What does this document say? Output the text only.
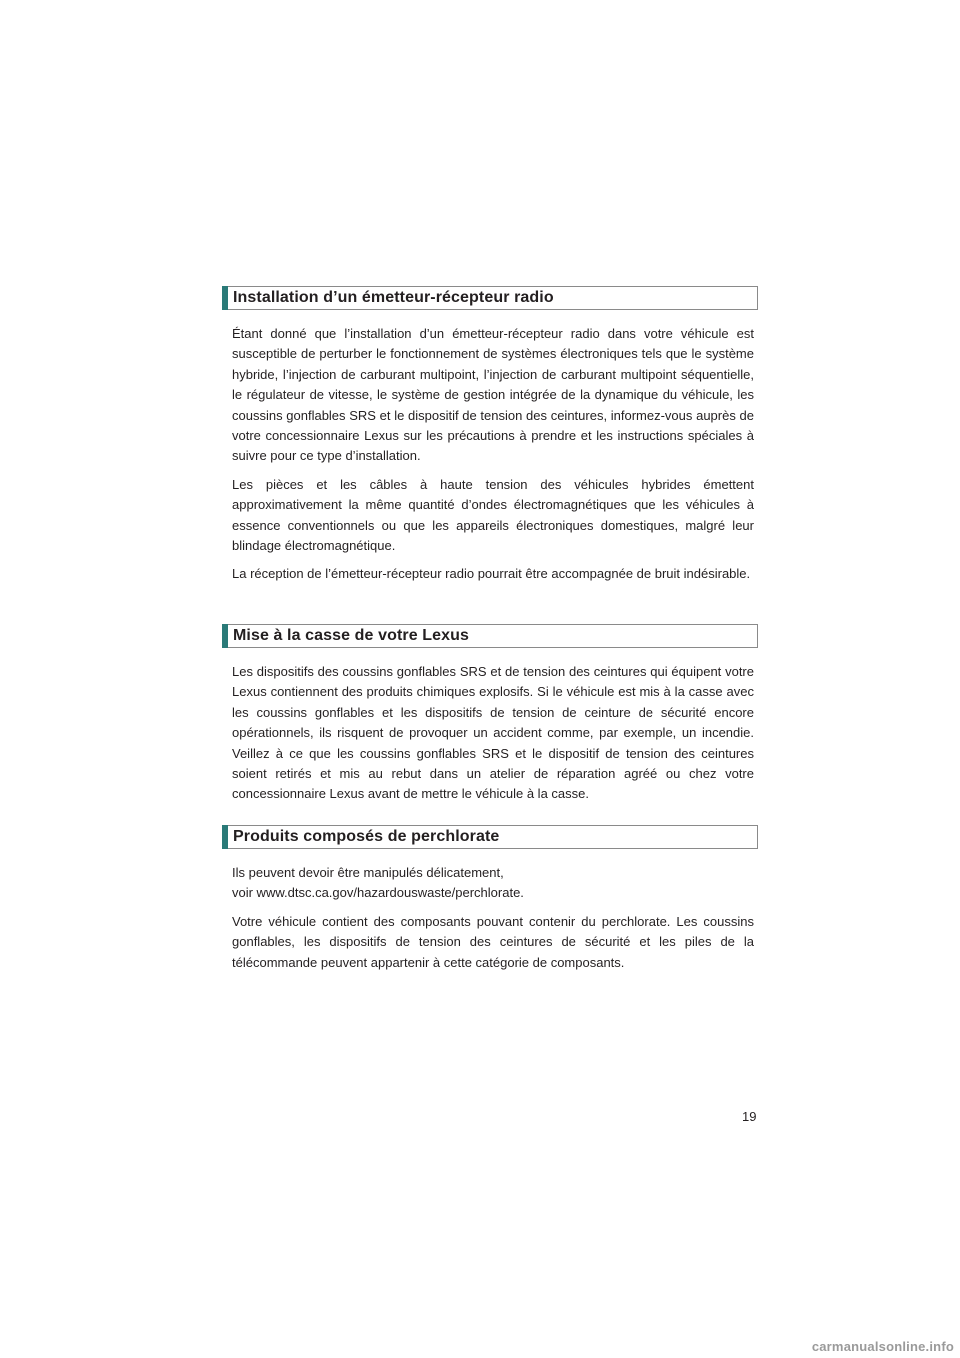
Installation d’un émetteur-récepteur radio

Étant donné que l’installation d’un émetteur-récepteur radio dans votre véhicule est susceptible de perturber le fonctionnement de systèmes électroniques tels que le système hybride, l’injection de carburant multipoint, l’injection de carburant multipoint séquentielle, le régulateur de vitesse, le système de gestion intégrée de la dynamique du véhicule, les coussins gonflables SRS et le dispositif de tension des ceintures, informez-vous auprès de votre concessionnaire Lexus sur les précautions à prendre et les instructions spéciales à suivre pour ce type d’installation.

Les pièces et les câbles à haute tension des véhicules hybrides émettent approximativement la même quantité d’ondes électromagnétiques que les véhicules à essence conventionnels ou que les appareils électroniques domestiques, malgré leur blindage électromagnétique.

La réception de l’émetteur-récepteur radio pourrait être accompagnée de bruit indésirable.

Mise à la casse de votre Lexus

Les dispositifs des coussins gonflables SRS et de tension des ceintures qui équipent votre Lexus contiennent des produits chimiques explosifs. Si le véhicule est mis à la casse avec les coussins gonflables et les dispositifs de tension de ceinture de sécurité encore opérationnels, ils risquent de provoquer un accident comme, par exemple, un incendie. Veillez à ce que les coussins gonflables SRS et le dispositif de tension des ceintures soient retirés et mis au rebut dans un atelier de réparation agréé ou chez votre concessionnaire Lexus avant de mettre le véhicule à la casse.

Produits composés de perchlorate

Ils peuvent devoir être manipulés délicatement,
voir www.dtsc.ca.gov/hazardouswaste/perchlorate.

Votre véhicule contient des composants pouvant contenir du perchlorate. Les coussins gonflables, les dispositifs de tension des ceintures de sécurité et les piles de la télécommande peuvent appartenir à cette catégorie de composants.

19
carmanualsonline.info
